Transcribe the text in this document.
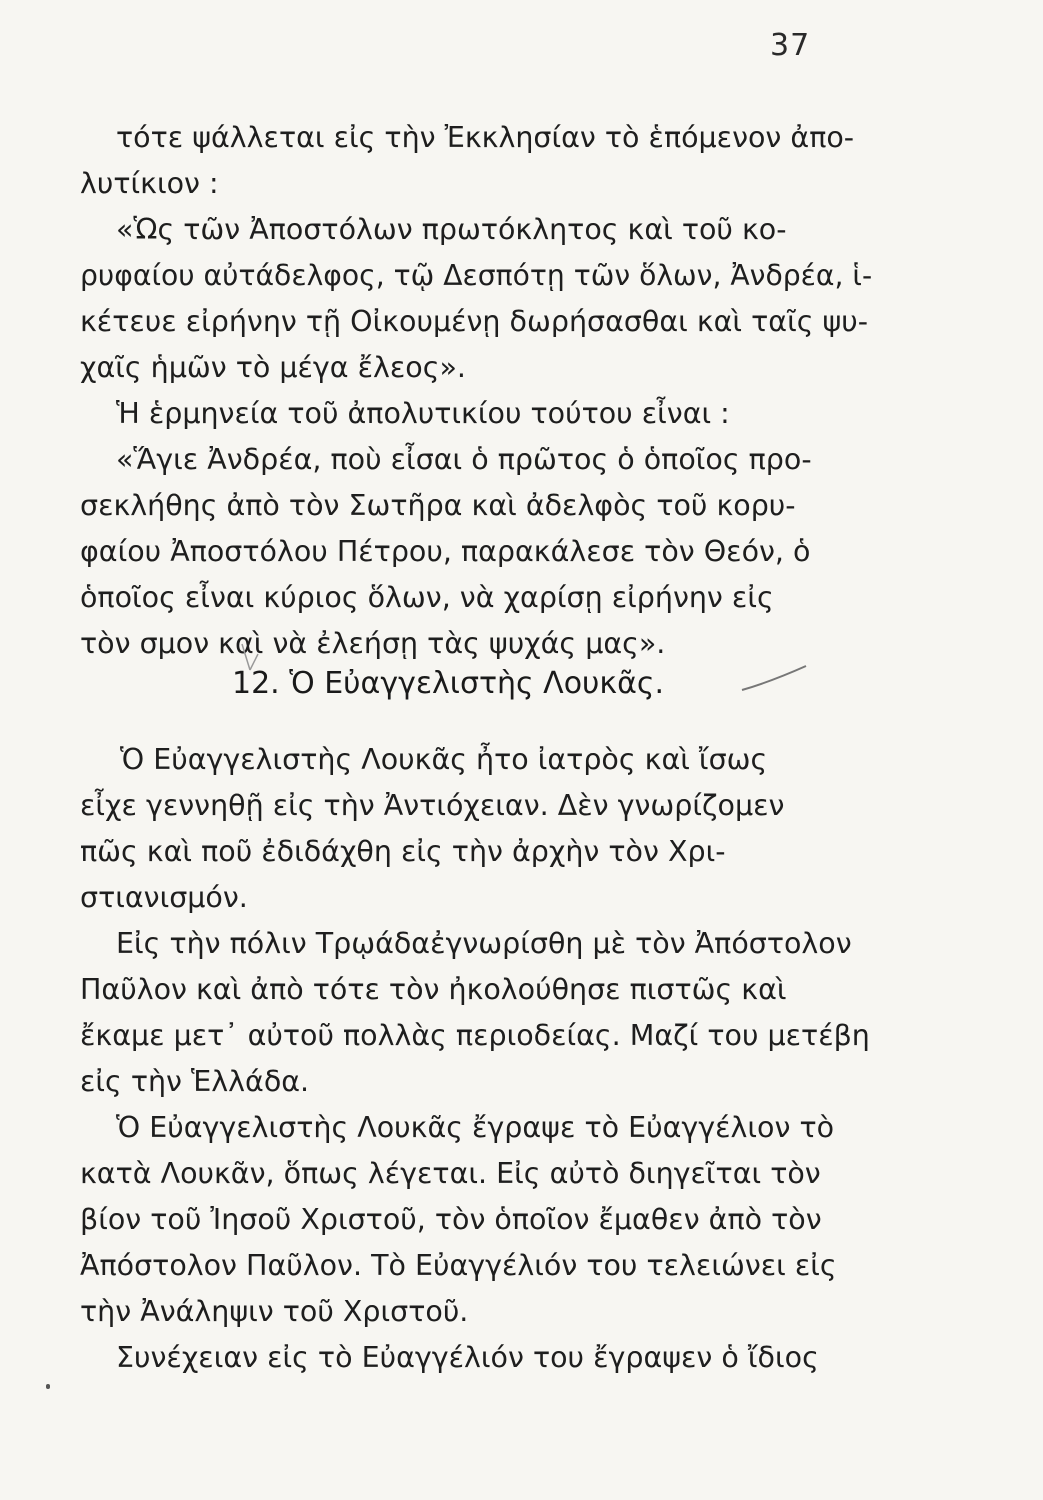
37
τότε ψάλλεται εἰς τὴν Ἐκκλησίαν τὸ ἑπόμενον ἀπο-
λυτίκιον :
«Ὡς τῶν Ἀποστόλων πρωτόκλητος καὶ τοῦ κο-
ρυφαίου αὐτάδελφος, τῷ Δεσπότῃ τῶν ὅλων, Ἀνδρέα, ἱ-
κέτευε εἰρήνην τῇ Οἰκουμένῃ δωρήσασθαι καὶ ταῖς ψυ-
χαῖς ἡμῶν τὸ μέγα ἔλεος».
Ἡ ἑρμηνεία τοῦ ἀπολυτικίου τούτου εἶναι :
«Ἅγιε Ἀνδρέα, ποὺ εἶσαι ὁ πρῶτος ὁ ὁποῖος προ-
σεκλήθης ἀπὸ τὸν Σωτῆρα καὶ ἀδελφὸς τοῦ κορυ-
φαίου Ἀποστόλου Πέτρου, παρακάλεσε τὸν Θεόν, ὁ
ὁποῖος εἶναι κύριος ὅλων, νὰ χαρίσῃ εἰρήνην εἰς
τὸν σμον καὶ νὰ ἐλεήσῃ τὰς ψυχάς μας».
12. Ὁ Εὐαγγελιστὴς Λουκᾶς.
Ὁ Εὐαγγελιστὴς Λουκᾶς ἦτο ἰατρὸς καὶ ἴσως
εἶχε γεννηθῇ εἰς τὴν Ἀντιόχειαν. Δὲν γνωρίζομεν
πῶς καὶ ποῦ ἐδιδάχθη εἰς τὴν ἀρχὴν τὸν Χρι-
στιανισμόν.
Εἰς τὴν πόλιν Τρῳάδαἐγνωρίσθη μὲ τὸν Ἀπόστολον
Παῦλον καὶ ἀπὸ τότε τὸν ἠκολούθησε πιστῶς καὶ
ἔκαμε μετ᾽ αὐτοῦ πολλὰς περιοδείας. Μαζί του μετέβη
εἰς τὴν Ἑλλάδα.
Ὁ Εὐαγγελιστὴς Λουκᾶς ἔγραψε τὸ Εὐαγγέλιον τὸ
κατὰ Λουκᾶν, ὅπως λέγεται. Εἰς αὐτὸ διηγεῖται τὸν
βίον τοῦ Ἰησοῦ Χριστοῦ, τὸν ὁποῖον ἔμαθεν ἀπὸ τὸν
Ἀπόστολον Παῦλον. Τὸ Εὐαγγέλιόν του τελειώνει εἰς
τὴν Ἀνάληψιν τοῦ Χριστοῦ.
Συνέχειαν εἰς τὸ Εὐαγγέλιόν του ἔγραψεν ὁ ἴδιος
